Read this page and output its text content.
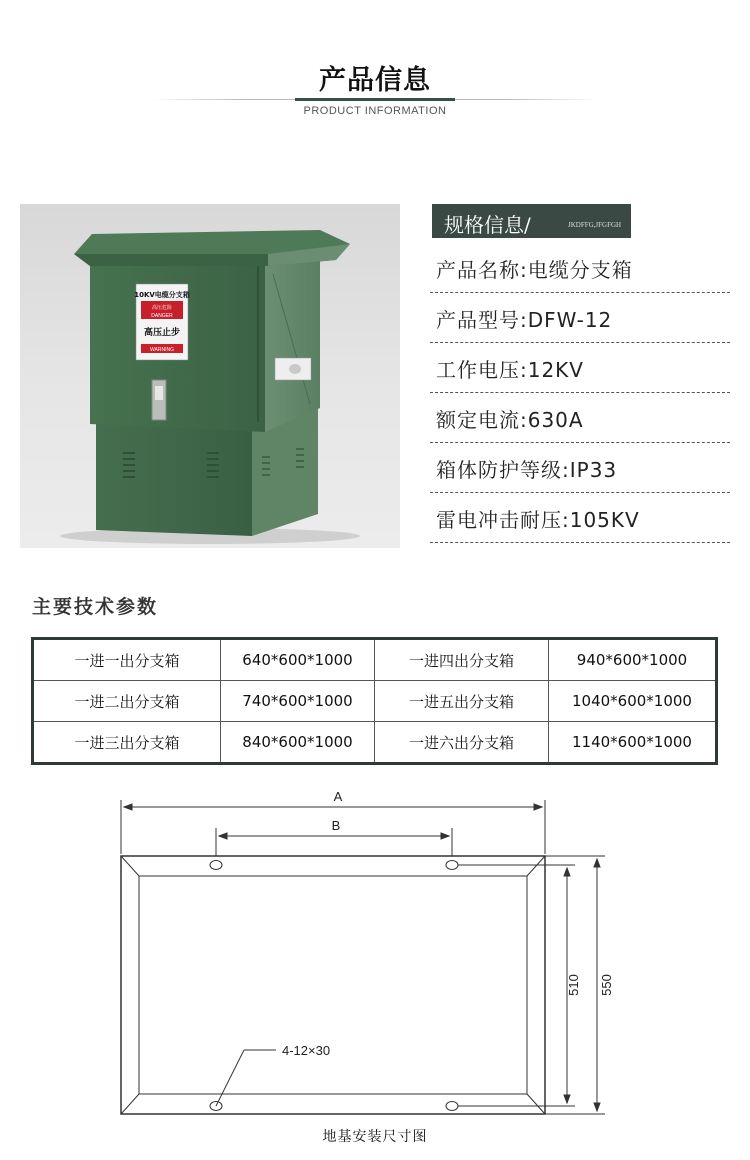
产品信息
PRODUCT INFORMATION
10KV电缆分支箱
高压危险
DANGER
高压止步
WARNING
规格信息/	JKDFFG,JFGFGH
产品名称:电缆分支箱
产品型号:DFW-12
工作电压:12KV
额定电流:630A
箱体防护等级:IP33
雷电冲击耐压:105KV
主要技术参数
一进一出分支箱	640*600*1000	一进四出分支箱	940*600*1000
一进二出分支箱	740*600*1000	一进五出分支箱	1040*600*1000
一进三出分支箱	840*600*1000	一进六出分支箱	1140*600*1000
A
B
4-12×30
510 550
地基安装尺寸图
